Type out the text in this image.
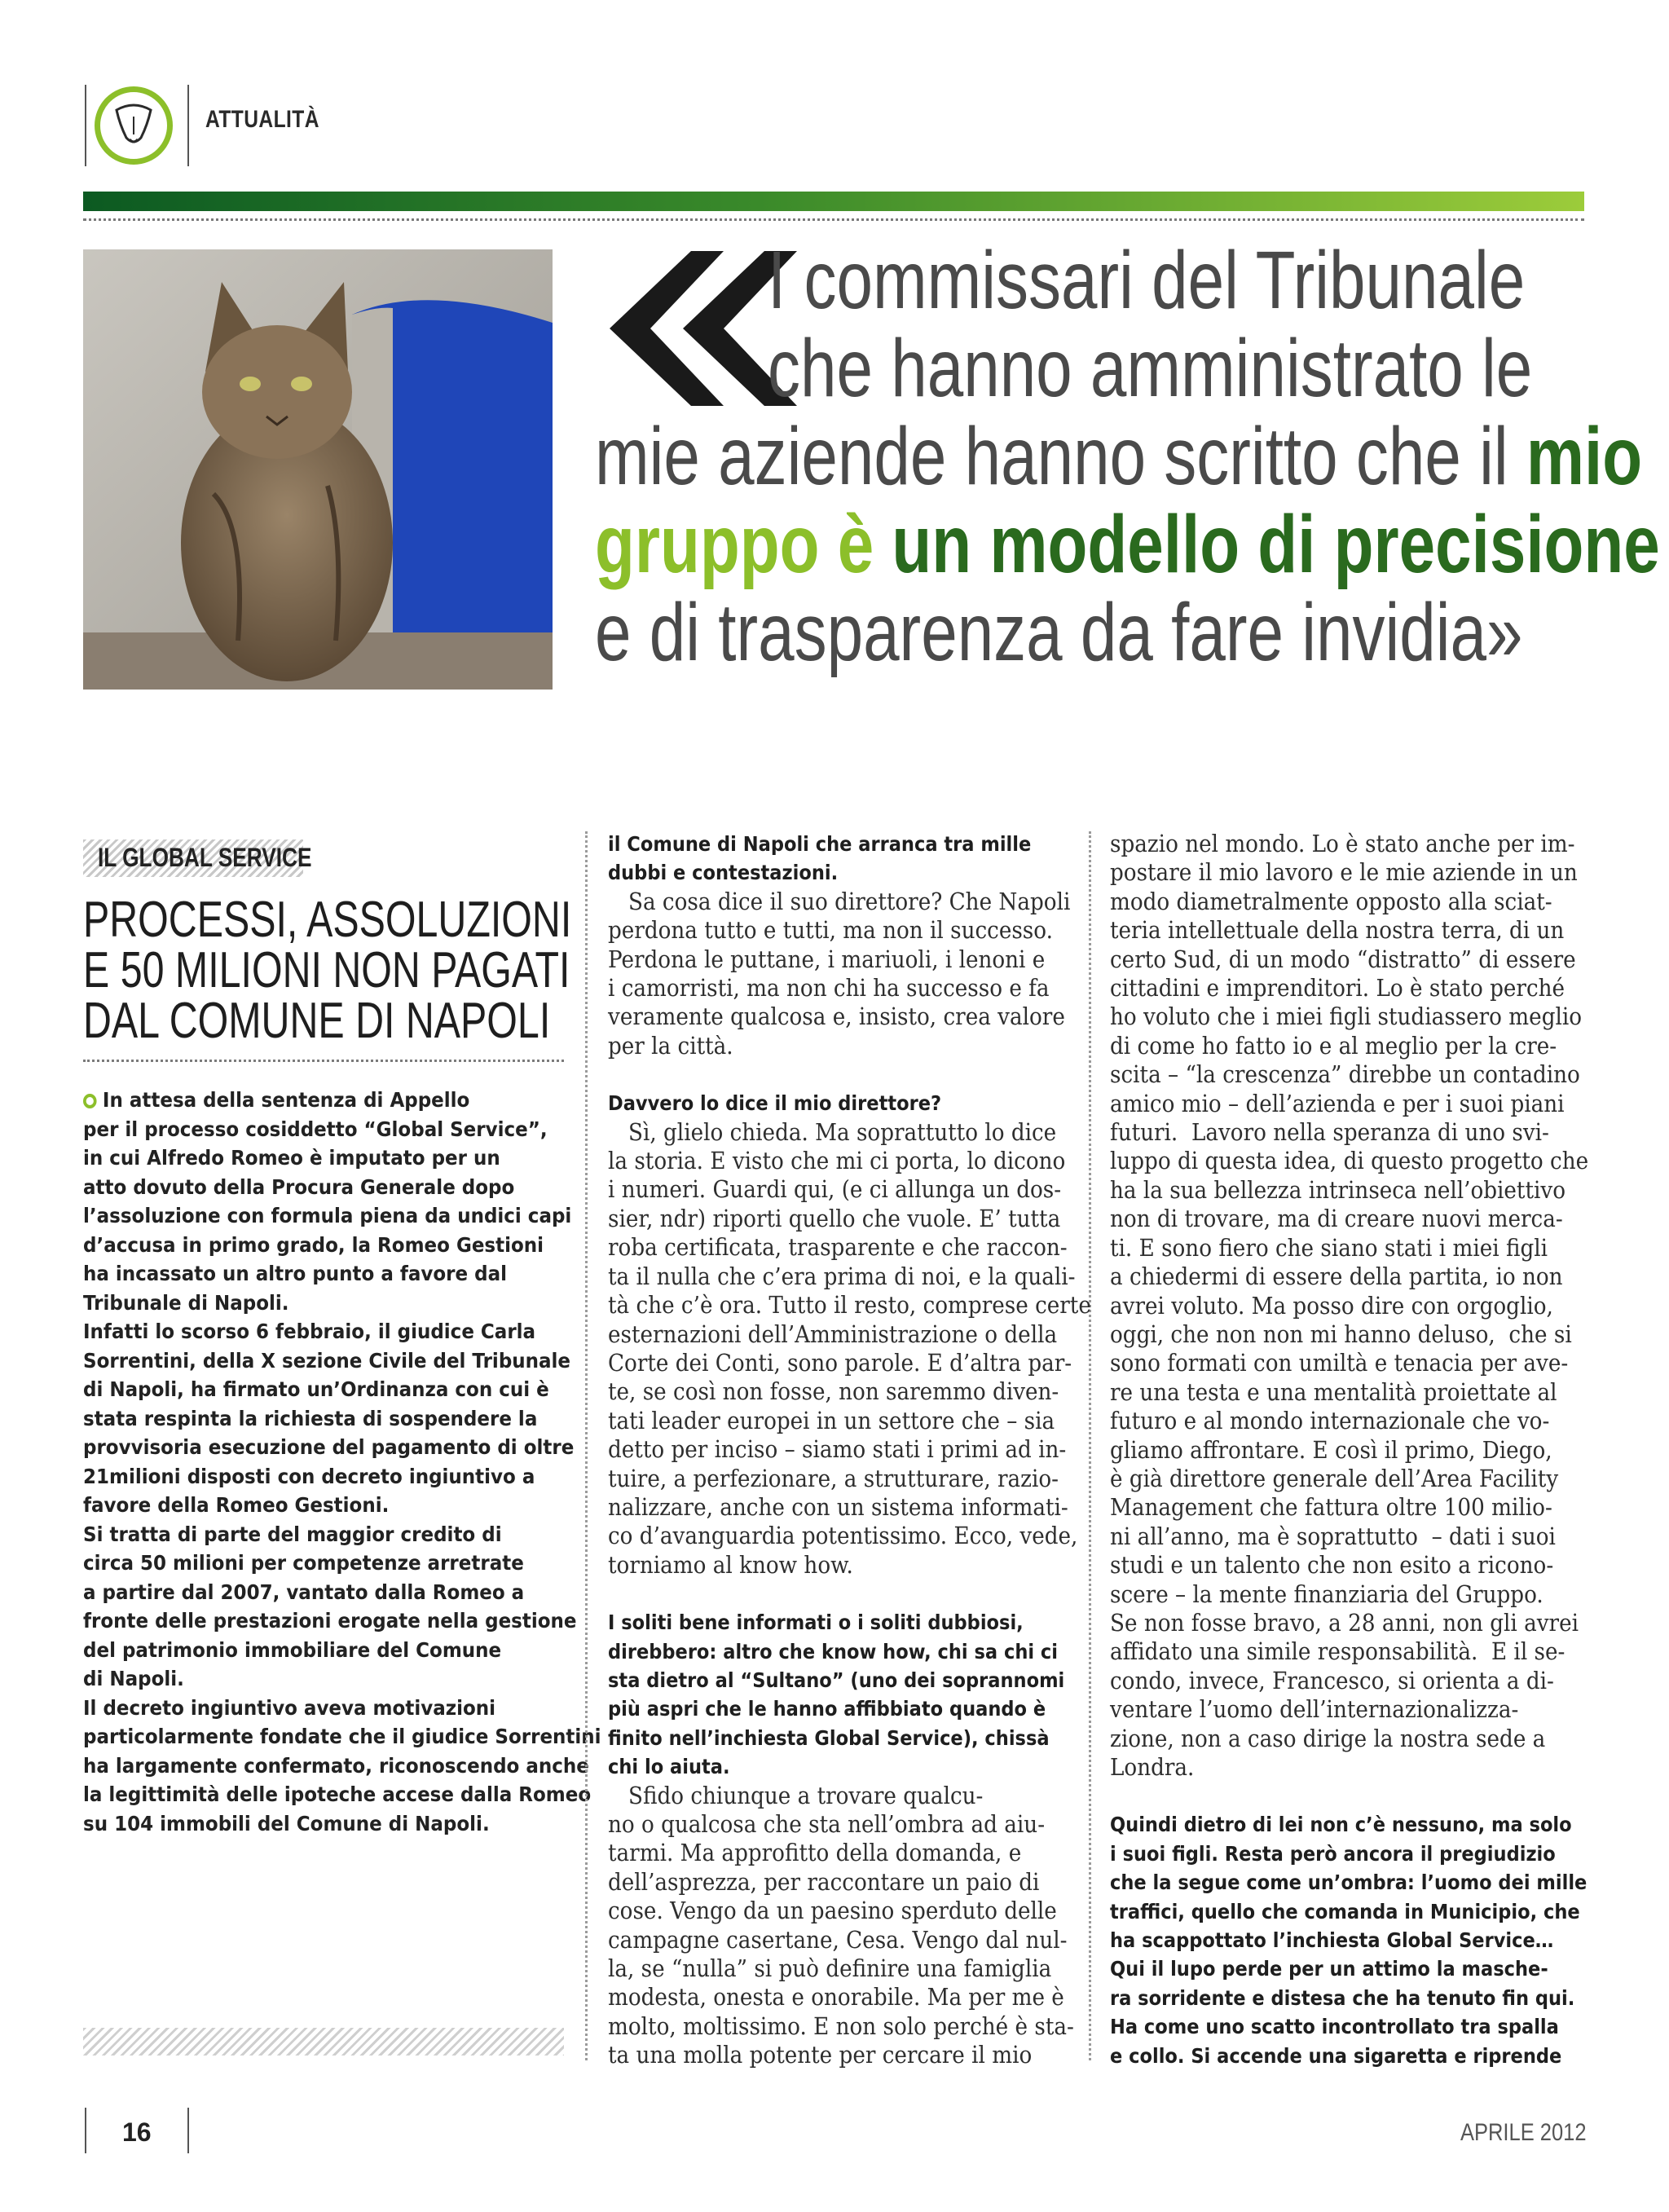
ATTUALITÀ
I commissari del Tribunale
che hanno amministrato le
mie aziende hanno scritto che il mio
gruppo è un modello di precisione
e di trasparenza da fare invidia»
IL GLOBAL SERVICE
PROCESSI, ASSOLUZIONI
E 50 MILIONI NON PAGATI
DAL COMUNE DI NAPOLI
In attesa della sentenza di Appello
per il processo cosiddetto “Global Service”,
in cui Alfredo Romeo è imputato per un
atto dovuto della Procura Generale dopo
l’assoluzione con formula piena da undici capi
d’accusa in primo grado, la Romeo Gestioni
ha incassato un altro punto a favore dal
Tribunale di Napoli.
Infatti lo scorso 6 febbraio, il giudice Carla
Sorrentini, della X sezione Civile del Tribunale
di Napoli, ha firmato un’Ordinanza con cui è
stata respinta la richiesta di sospendere la
provvisoria esecuzione del pagamento di oltre
21milioni disposti con decreto ingiuntivo a
favore della Romeo Gestioni.
Si tratta di parte del maggior credito di
circa 50 milioni per competenze arretrate
a partire dal 2007, vantato dalla Romeo a
fronte delle prestazioni erogate nella gestione
del patrimonio immobiliare del Comune
di Napoli.
Il decreto ingiuntivo aveva motivazioni
particolarmente fondate che il giudice Sorrentini
ha largamente confermato, riconoscendo anche
la legittimità delle ipoteche accese dalla Romeo
su 104 immobili del Comune di Napoli.
il Comune di Napoli che arranca tra mille
dubbi e contestazioni.
Sa cosa dice il suo direttore? Che Napoli
perdona tutto e tutti, ma non il successo.
Perdona le puttane, i mariuoli, i lenoni e
i camorristi, ma non chi ha successo e fa
veramente qualcosa e, insisto, crea valore
per la città.
Davvero lo dice il mio direttore?
Sì, glielo chieda. Ma soprattutto lo dice
la storia. E visto che mi ci porta, lo dicono
i numeri. Guardi qui, (e ci allunga un dos-
sier, ndr) riporti quello che vuole. E’ tutta
roba certificata, trasparente e che raccon-
ta il nulla che c’era prima di noi, e la quali-
tà che c’è ora. Tutto il resto, comprese certe
esternazioni dell’Amministrazione o della
Corte dei Conti, sono parole. E d’altra par-
te, se così non fosse, non saremmo diven-
tati leader europei in un settore che – sia
detto per inciso – siamo stati i primi ad in-
tuire, a perfezionare, a strutturare, razio-
nalizzare, anche con un sistema informati-
co d’avanguardia potentissimo. Ecco, vede,
torniamo al know how.
I soliti bene informati o i soliti dubbiosi,
direbbero: altro che know how, chi sa chi ci
sta dietro al “Sultano” (uno dei soprannomi
più aspri che le hanno affibbiato quando è
finito nell’inchiesta Global Service), chissà
chi lo aiuta.
Sfido chiunque a trovare qualcu-
no o qualcosa che sta nell’ombra ad aiu-
tarmi. Ma approfitto della domanda, e
dell’asprezza, per raccontare un paio di
cose. Vengo da un paesino sperduto delle
campagne casertane, Cesa. Vengo dal nul-
la, se “nulla” si può definire una famiglia
modesta, onesta e onorabile. Ma per me è
molto, moltissimo. E non solo perché è sta-
ta una molla potente per cercare il mio
spazio nel mondo. Lo è stato anche per im-
postare il mio lavoro e le mie aziende in un
modo diametralmente opposto alla sciat-
teria intellettuale della nostra terra, di un
certo Sud, di un modo “distratto” di essere
cittadini e imprenditori. Lo è stato perché
ho voluto che i miei figli studiassero meglio
di come ho fatto io e al meglio per la cre-
scita – “la crescenza” direbbe un contadino
amico mio – dell’azienda e per i suoi piani
futuri.  Lavoro nella speranza di uno svi-
luppo di questa idea, di questo progetto che
ha la sua bellezza intrinseca nell’obiettivo
non di trovare, ma di creare nuovi merca-
ti. E sono fiero che siano stati i miei figli
a chiedermi di essere della partita, io non
avrei voluto. Ma posso dire con orgoglio,
oggi, che non non mi hanno deluso,  che si
sono formati con umiltà e tenacia per ave-
re una testa e una mentalità proiettate al
futuro e al mondo internazionale che vo-
gliamo affrontare. E così il primo, Diego,
è già direttore generale dell’Area Facility
Management che fattura oltre 100 milio-
ni all’anno, ma è soprattutto  – dati i suoi
studi e un talento che non esito a ricono-
scere – la mente finanziaria del Gruppo.
Se non fosse bravo, a 28 anni, non gli avrei
affidato una simile responsabilità.  E il se-
condo, invece, Francesco, si orienta a di-
ventare l’uomo dell’internazionalizza-
zione, non a caso dirige la nostra sede a
Londra.
Quindi dietro di lei non c’è nessuno, ma solo
i suoi figli. Resta però ancora il pregiudizio
che la segue come un’ombra: l’uomo dei mille
traffici, quello che comanda in Municipio, che
ha scappottato l’inchiesta Global Service…
Qui il lupo perde per un attimo la masche-
ra sorridente e distesa che ha tenuto fin qui.
Ha come uno scatto incontrollato tra spalla
e collo. Si accende una sigaretta e riprende
16	APRILE 2012
